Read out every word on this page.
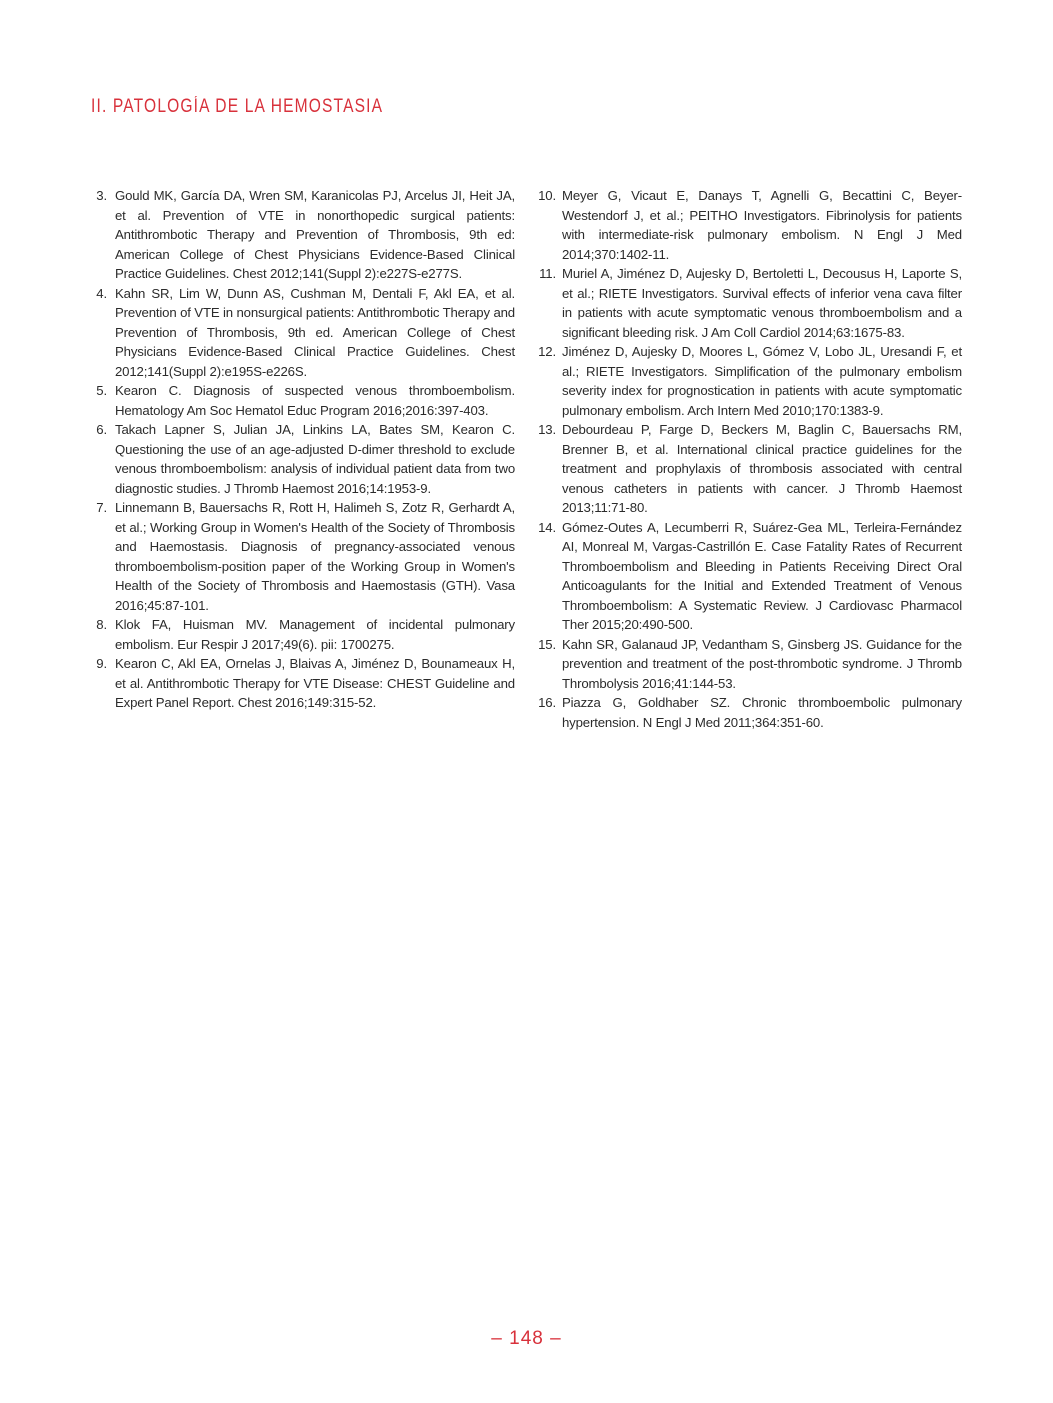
II. PATOLOGÍA DE LA HEMOSTASIA
3. Gould MK, García DA, Wren SM, Karanicolas PJ, Arcelus JI, Heit JA, et al. Prevention of VTE in nonorthopedic surgical patients: Antithrombotic Therapy and Prevention of Thrombosis, 9th ed: American College of Chest Physicians Evidence-Based Clinical Practice Guidelines. Chest 2012;141(Suppl 2):e227S-e277S.
4. Kahn SR, Lim W, Dunn AS, Cushman M, Dentali F, Akl EA, et al. Prevention of VTE in nonsurgical patients: Antithrombotic Therapy and Prevention of Thrombosis, 9th ed. American College of Chest Physicians Evidence-Based Clinical Practice Guidelines. Chest 2012;141(Suppl 2):e195S-e226S.
5. Kearon C. Diagnosis of suspected venous thromboembolism. Hematology Am Soc Hematol Educ Program 2016;2016:397-403.
6. Takach Lapner S, Julian JA, Linkins LA, Bates SM, Kearon C. Questioning the use of an age-adjusted D-dimer threshold to exclude venous thromboembolism: analysis of individual patient data from two diagnostic studies. J Thromb Haemost 2016;14:1953-9.
7. Linnemann B, Bauersachs R, Rott H, Halimeh S, Zotz R, Gerhardt A, et al.; Working Group in Women's Health of the Society of Thrombosis and Haemostasis. Diagnosis of pregnancy-associated venous thromboembolism-position paper of the Working Group in Women's Health of the Society of Thrombosis and Haemostasis (GTH). Vasa 2016;45:87-101.
8. Klok FA, Huisman MV. Management of incidental pulmonary embolism. Eur Respir J 2017;49(6). pii: 1700275.
9. Kearon C, Akl EA, Ornelas J, Blaivas A, Jiménez D, Bounameaux H, et al. Antithrombotic Therapy for VTE Disease: CHEST Guideline and Expert Panel Report. Chest 2016;149:315-52.
10. Meyer G, Vicaut E, Danays T, Agnelli G, Becattini C, Beyer-Westendorf J, et al.; PEITHO Investigators. Fibrinolysis for patients with intermediate-risk pulmonary embolism. N Engl J Med 2014;370:1402-11.
11. Muriel A, Jiménez D, Aujesky D, Bertoletti L, Decousus H, Laporte S, et al.; RIETE Investigators. Survival effects of inferior vena cava filter in patients with acute symptomatic venous thromboembolism and a significant bleeding risk. J Am Coll Cardiol 2014;63:1675-83.
12. Jiménez D, Aujesky D, Moores L, Gómez V, Lobo JL, Uresandi F, et al.; RIETE Investigators. Simplification of the pulmonary embolism severity index for prognostication in patients with acute symptomatic pulmonary embolism. Arch Intern Med 2010;170:1383-9.
13. Debourdeau P, Farge D, Beckers M, Baglin C, Bauersachs RM, Brenner B, et al. International clinical practice guidelines for the treatment and prophylaxis of thrombosis associated with central venous catheters in patients with cancer. J Thromb Haemost 2013;11:71-80.
14. Gómez-Outes A, Lecumberri R, Suárez-Gea ML, Terleira-Fernández AI, Monreal M, Vargas-Castrillón E. Case Fatality Rates of Recurrent Thromboembolism and Bleeding in Patients Receiving Direct Oral Anticoagulants for the Initial and Extended Treatment of Venous Thromboembolism: A Systematic Review. J Cardiovasc Pharmacol Ther 2015;20:490-500.
15. Kahn SR, Galanaud JP, Vedantham S, Ginsberg JS. Guidance for the prevention and treatment of the post-thrombotic syndrome. J Thromb Thrombolysis 2016;41:144-53.
16. Piazza G, Goldhaber SZ. Chronic thromboembolic pulmonary hypertension. N Engl J Med 2011;364:351-60.
– 148 –
